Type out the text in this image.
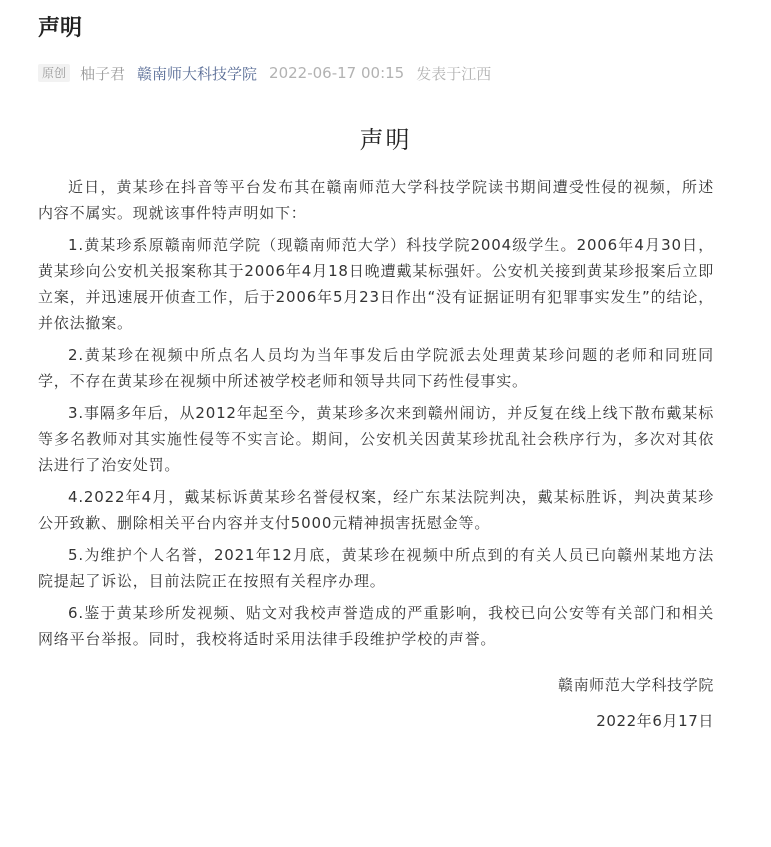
声明
原创 柚子君 赣南师大科技学院 2022-06-17 00:15 发表于江西
声明

近日，黄某珍在抖音等平台发布其在赣南师范大学科技学院读书期间遭受性侵的视频，所述内容不属实。现就该事件特声明如下：

1.黄某珍系原赣南师范学院（现赣南师范大学）科技学院2004级学生。2006年4月30日，黄某珍向公安机关报案称其于2006年4月18日晚遭戴某标强奸。公安机关接到黄某珍报案后立即立案，并迅速展开侦查工作，后于2006年5月23日作出“没有证据证明有犯罪事实发生”的结论，并依法撤案。

2.黄某珍在视频中所点名人员均为当年事发后由学院派去处理黄某珍问题的老师和同班同学，不存在黄某珍在视频中所述被学校老师和领导共同下药性侵事实。

3.事隔多年后，从2012年起至今，黄某珍多次来到赣州闹访，并反复在线上线下散布戴某标等多名教师对其实施性侵等不实言论。期间，公安机关因黄某珍扰乱社会秩序行为，多次对其依法进行了治安处罚。

4.2022年4月，戴某标诉黄某珍名誉侵权案，经广东某法院判决，戴某标胜诉，判决黄某珍公开致歉、删除相关平台内容并支付5000元精神损害抚慰金等。

5.为维护个人名誉，2021年12月底，黄某珍在视频中所点到的有关人员已向赣州某地方法院提起了诉讼，目前法院正在按照有关程序办理。

6.鉴于黄某珍所发视频、贴文对我校声誉造成的严重影响，我校已向公安等有关部门和相关网络平台举报。同时，我校将适时采用法律手段维护学校的声誉。

赣南师范大学科技学院

2022年6月17日
